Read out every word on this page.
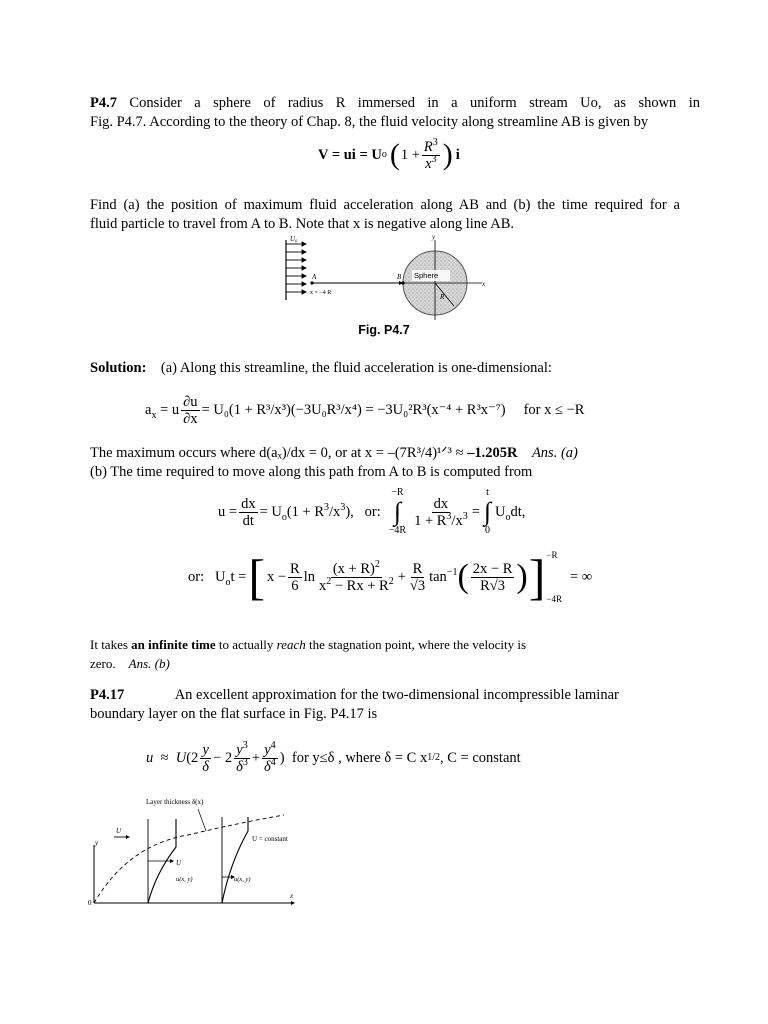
P4.7 Consider a sphere of radius R immersed in a uniform stream Uo, as shown in
Fig. P4.7. According to the theory of Chap. 8, the fluid velocity along streamline AB is given by
V = ui = U o ( $1 + \frac{R^3}{x^3}$ ) i
Find (a) the position of maximum fluid acceleration along AB and (b) the time required for a
fluid particle to travel from A to B. Note that x is negative along line AB.
U₀
A
x = −4 R
B Sphere
R
x
y
Fig. P4.7
Solution: (a) Along this streamline, the fluid acceleration is one-dimensional:
$a_x = u \frac{\partial u}{\partial x} = U_0(1 + R^3/x^3)(-3U_0R^3/x^4) = -3U_0^2R^3(x^{-4} + R^3x^{-7})$ for x ≤ −R
The maximum occurs where d(aₓ)/dx = 0, or at x = –(7R³/4)¹ᐟ³ ≈ –1.205R Ans. (a)
(b) The time required to move along this path from A to B is computed from
$u = \frac{dx}{dt} = U_o(1 + R^3/x^3)$,   or:
−R
∫
−4R
$\frac{dx}{1 + R^3/x^3}$ =
t
∫
0
$U_odt$,
or:   $U_ot$ = [ $x - \frac{R}{6}$ $\ln \frac{(x + R)^2}{x^2 - Rx + R^2} + \frac{R}{√3} \tan^{-1}$ ( $\frac{2x - R}{R√3}$ ) ] −R
−4R
= ∞
It takes an infinite time to actually reach the stagnation point, where the velocity is
zero. Ans. (b)
P4.17	An excellent approximation for the two-dimensional incompressible laminar
boundary layer on the flat surface in Fig. P4.17 is
u ≈ U ($2 \frac{y}{\delta} - 2 \frac{y^3}{\delta^3} + \frac{y^4}{\delta^4}$ ) for y≤δ , where δ = C x 1/2 , C = constant
Layer thickness δ(x)
U
U = constant
U
u(x, y)	u(x, y)
y
x
0
